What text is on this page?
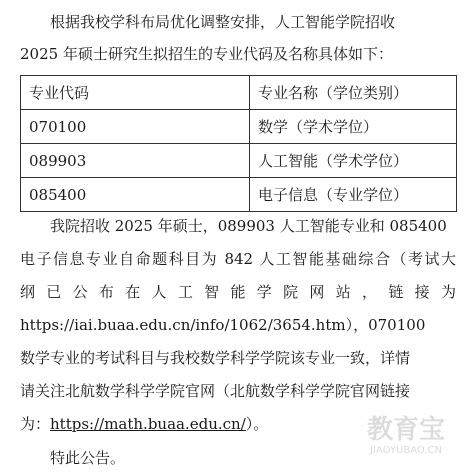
根据我校学科布局优化调整安排，人工智能学院招收
2025 年硕士研究生拟招生的专业代码及名称具体如下：
专业代码	专业名称（学位类别）
070100	数学（学术学位）
089903	人工智能（学术学位）
085400	电子信息（专业学位）
我院招收 2025 年硕士，089903 人工智能专业和 085400
电子信息专业自命题科目为 842 人工智能基础综合（考试大
纲已公布在人工智能学院网站，链接为
https://iai.buaa.edu.cn/info/1062/3654.htm），070100
数学专业的考试科目与我校数学科学学院该专业一致，详情
请关注北航数学科学学院官网（北航数学科学学院官网链接
为：https://math.buaa.edu.cn/）。
特此公告。
教育宝
JIAOYUBAO.CN
